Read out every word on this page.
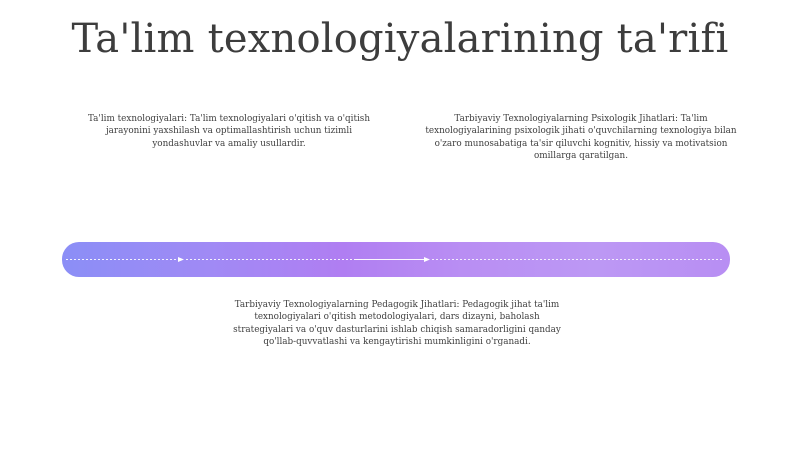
Ta'lim texnologiyalarining ta'rifi
Ta'lim texnologiyalari: Ta'lim texnologiyalari o'qitish va o'qitish jarayonini yaxshilash va optimallashtirish uchun tizimli yondashuvlar va amaliy usullardir.
Tarbiyaviy Texnologiyalarning Psixologik Jihatlari: Ta'lim texnologiyalarining psixologik jihati o'quvchilarning texnologiya bilan o'zaro munosabatiga ta'sir qiluvchi kognitiv, hissiy va motivatsion omillarga qaratilgan.
Tarbiyaviy Texnologiyalarning Pedagogik Jihatlari: Pedagogik jihat ta'lim texnologiyalari o'qitish metodologiyalari, dars dizayni, baholash strategiyalari va o'quv dasturlarini ishlab chiqish samaradorligini qanday qo'llab-quvvatlashi va kengaytirishi mumkinligini o'rganadi.
